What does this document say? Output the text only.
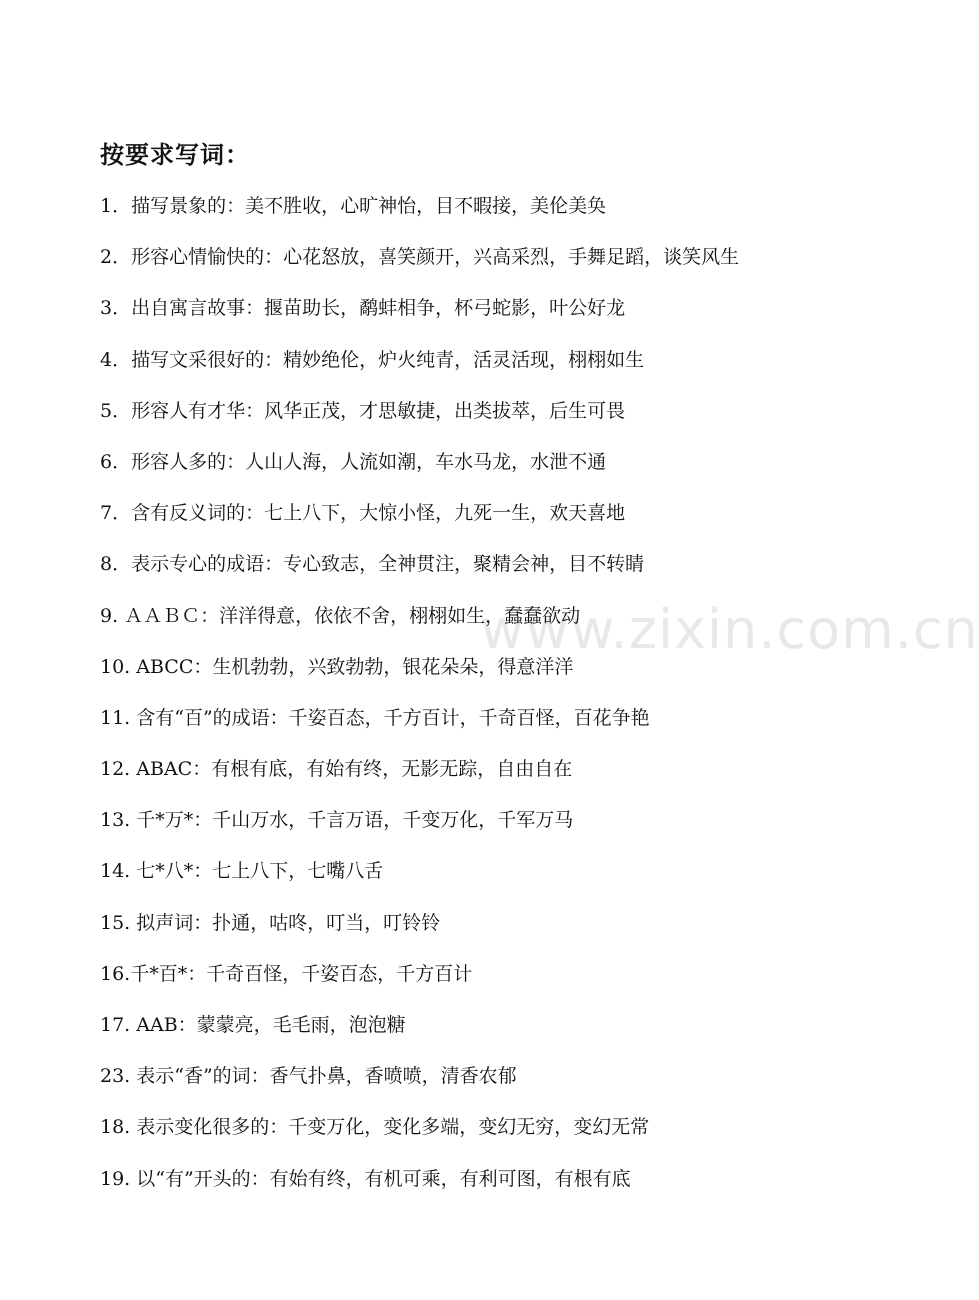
按要求写词：
1．描写景象的：美不胜收，心旷神怡，目不暇接，美伦美奂
2．形容心情愉快的：心花怒放，喜笑颜开，兴高采烈，手舞足蹈，谈笑风生
3．出自寓言故事：揠苗助长，鹬蚌相争，杯弓蛇影，叶公好龙
4．描写文采很好的：精妙绝伦，炉火纯青，活灵活现，栩栩如生
5．形容人有才华：风华正茂，才思敏捷，出类拔萃，后生可畏
6．形容人多的：人山人海，人流如潮，车水马龙，水泄不通
7．含有反义词的：七上八下，大惊小怪，九死一生，欢天喜地
8．表示专心的成语：专心致志，全神贯注，聚精会神，目不转睛
9. ＡＡＢＣ：洋洋得意，依依不舍，栩栩如生，蠢蠢欲动
10. ABCC：生机勃勃，兴致勃勃，银花朵朵，得意洋洋
11. 含有“百”的成语：千姿百态，千方百计，千奇百怪，百花争艳
12. ABAC：有根有底，有始有终，无影无踪，自由自在
13. 千*万*：千山万水，千言万语，千变万化，千军万马
14. 七*八*：七上八下，七嘴八舌
15. 拟声词：扑通，咕咚，叮当，叮铃铃
16.千*百*：千奇百怪，千姿百态，千方百计
17. AAB：蒙蒙亮，毛毛雨，泡泡糖
23. 表示“香”的词：香气扑鼻，香喷喷，清香农郁
18. 表示变化很多的：千变万化，变化多端，变幻无穷，变幻无常
19. 以“有”开头的：有始有终，有机可乘，有利可图，有根有底
www.zixin.com.cn
